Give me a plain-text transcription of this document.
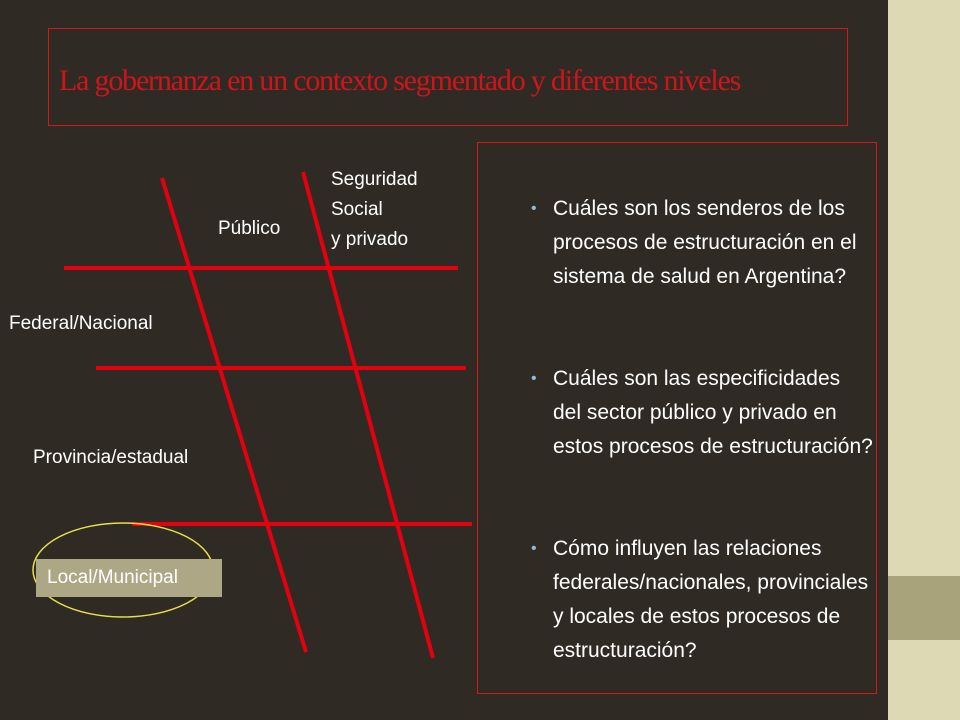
La gobernanza en un contexto segmentado y diferentes niveles
Público
Seguridad
Social
y privado
Federal/Nacional
Provincia/estadual
Local/Municipal
• Cuáles son los senderos de los procesos de estructuración en el sistema de salud en Argentina?
• Cuáles son las especificidades del sector público y privado en estos procesos de estructuración?
• Cómo influyen las relaciones federales/nacionales, provinciales y locales de estos procesos de estructuración?
